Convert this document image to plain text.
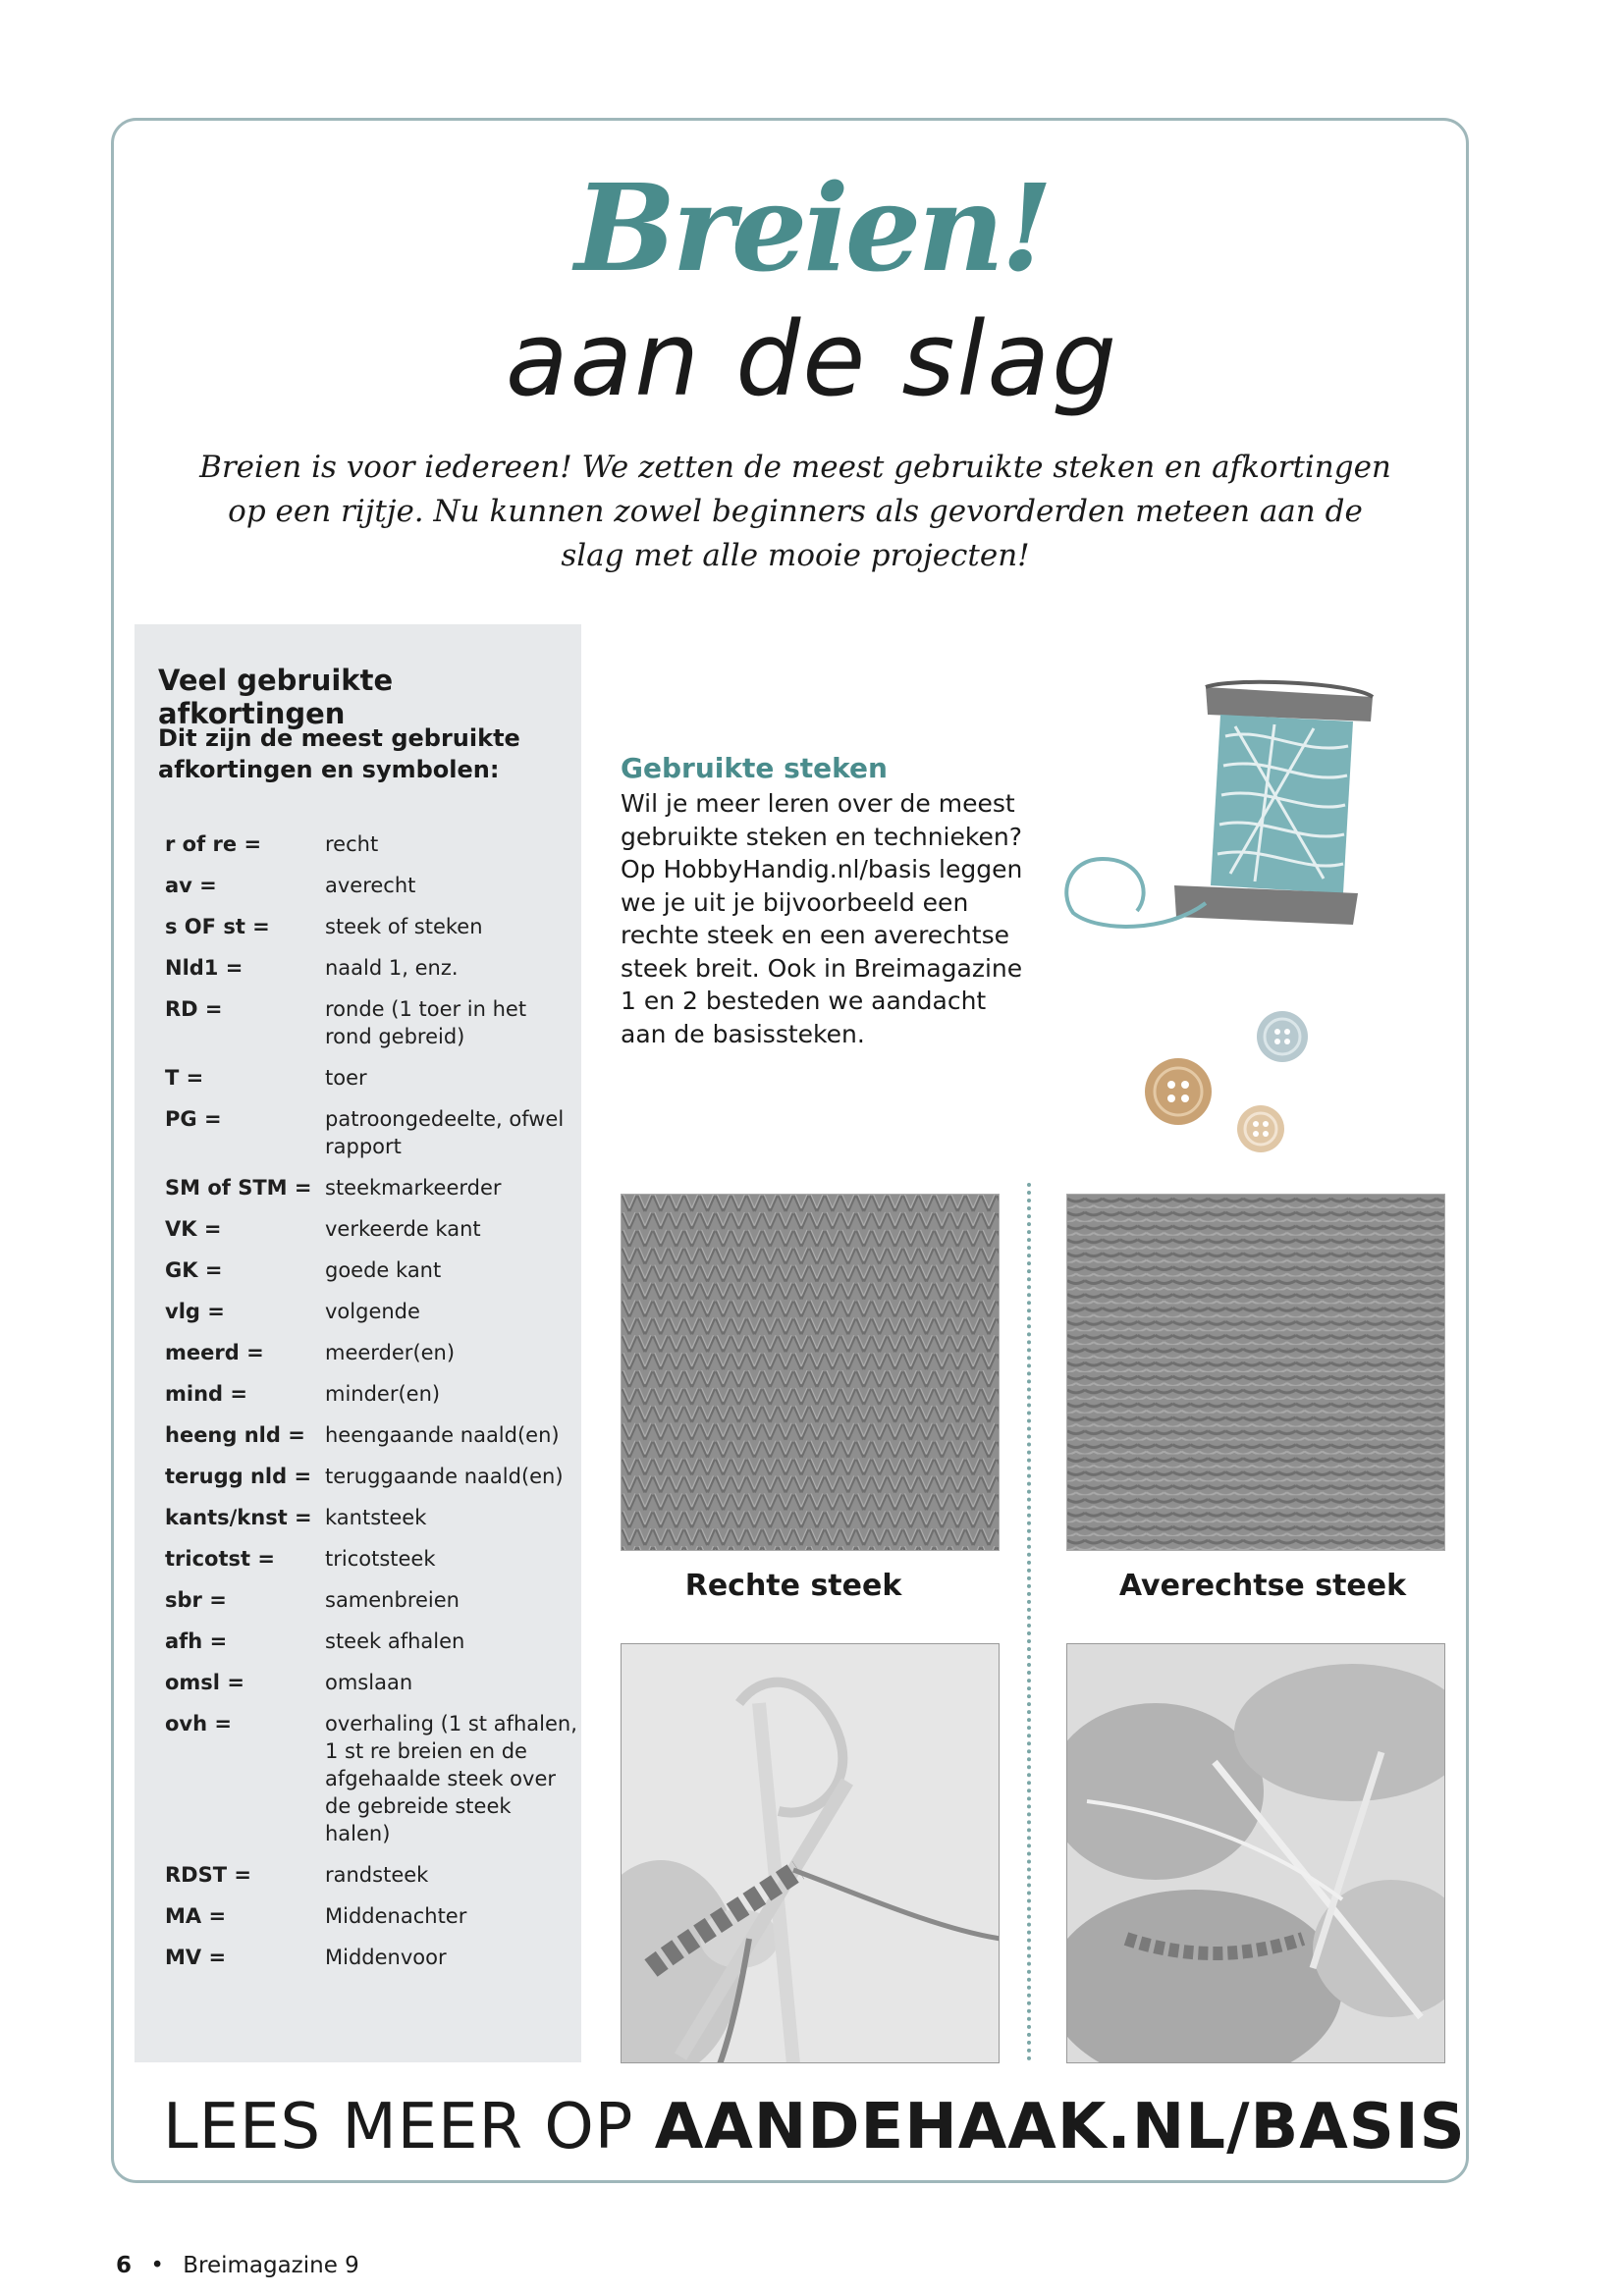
Breien!
aan de slag
Breien is voor iedereen! We zetten de meest gebruikte steken en afkortingen op een rijtje. Nu kunnen zowel beginners als gevorderden meteen aan de slag met alle mooie projecten!
Veel gebruikte afkortingen
Dit zijn de meest gebruikte afkortingen en symbolen:
r of re =	recht
av =	averecht
s OF st =	steek of steken
Nld1 =	naald 1, enz.
RD =	ronde (1 toer in het rond gebreid)
T =	toer
PG =	patroongedeelte, ofwel rapport
SM of STM = steekmarkeerder
VK =	verkeerde kant
GK =	goede kant
vlg =	volgende
meerd =	meerder(en)
mind =	minder(en)
heeng nld = heengaande naald(en)
terugg nld = teruggaande naald(en)
kants/knst = kantsteek
tricotst =	tricotsteek
sbr =	samenbreien
afh =	steek afhalen
omsl =	omslaan
ovh =	overhaling (1 st afhalen, 1 st re breien en de afgehaalde steek over de gebreide steek halen)
RDST =	randsteek
MA =	Middenachter
MV =	Middenvoor
Gebruikte steken
Wil je meer leren over de meest gebruikte steken en technieken? Op HobbyHandig.nl/basis leggen we je uit je bijvoorbeeld een rechte steek en een averechtse steek breit. Ook in Breimagazine 1 en 2 besteden we aandacht aan de basissteken.
Rechte steek	Averechtse steek
LEES MEER OP AANDEHAAK.NL/BASIS
6 • Breimagazine 9
